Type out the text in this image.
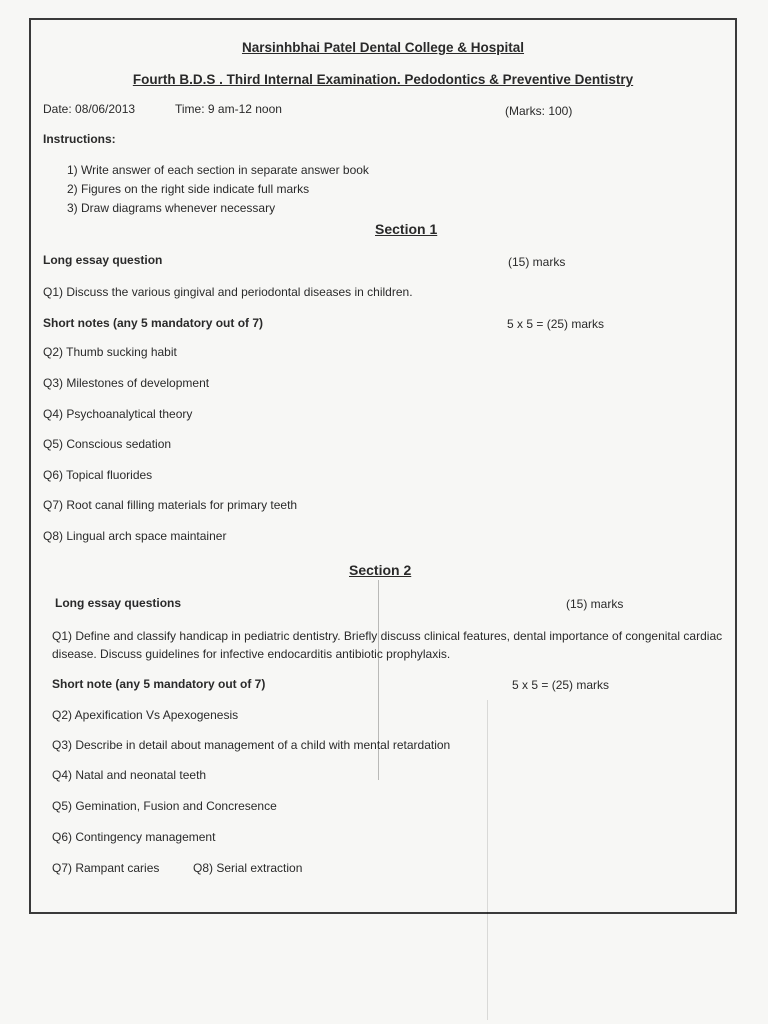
Narsinhbhai Patel Dental College & Hospital
Fourth B.D.S . Third Internal Examination. Pedodontics & Preventive Dentistry
Date: 08/06/2013	Time: 9 am-12 noon	(Marks: 100)
Instructions:
1) Write answer of each section in separate answer book
2) Figures on the right side indicate full marks
3) Draw diagrams whenever necessary
Section 1
Long essay question	(15) marks
Q1) Discuss the various gingival and periodontal diseases in children.
Short notes (any 5 mandatory out of 7)	5 x 5 = (25) marks
Q2) Thumb sucking habit
Q3) Milestones of development
Q4) Psychoanalytical theory
Q5) Conscious sedation
Q6) Topical fluorides
Q7) Root canal filling materials for primary teeth
Q8) Lingual arch space maintainer
Section 2
Long essay questions	(15) marks
Q1) Define and classify handicap in pediatric dentistry. Briefly discuss clinical features, dental importance of congenital cardiac disease. Discuss guidelines for infective endocarditis antibiotic prophylaxis.
Short note (any 5 mandatory out of 7)	5 x 5 = (25) marks
Q2) Apexification Vs Apexogenesis
Q3) Describe in detail about management of a child with mental retardation
Q4) Natal and neonatal teeth
Q5) Gemination, Fusion and Concresence
Q6) Contingency management
Q7) Rampant caries	Q8) Serial extraction
